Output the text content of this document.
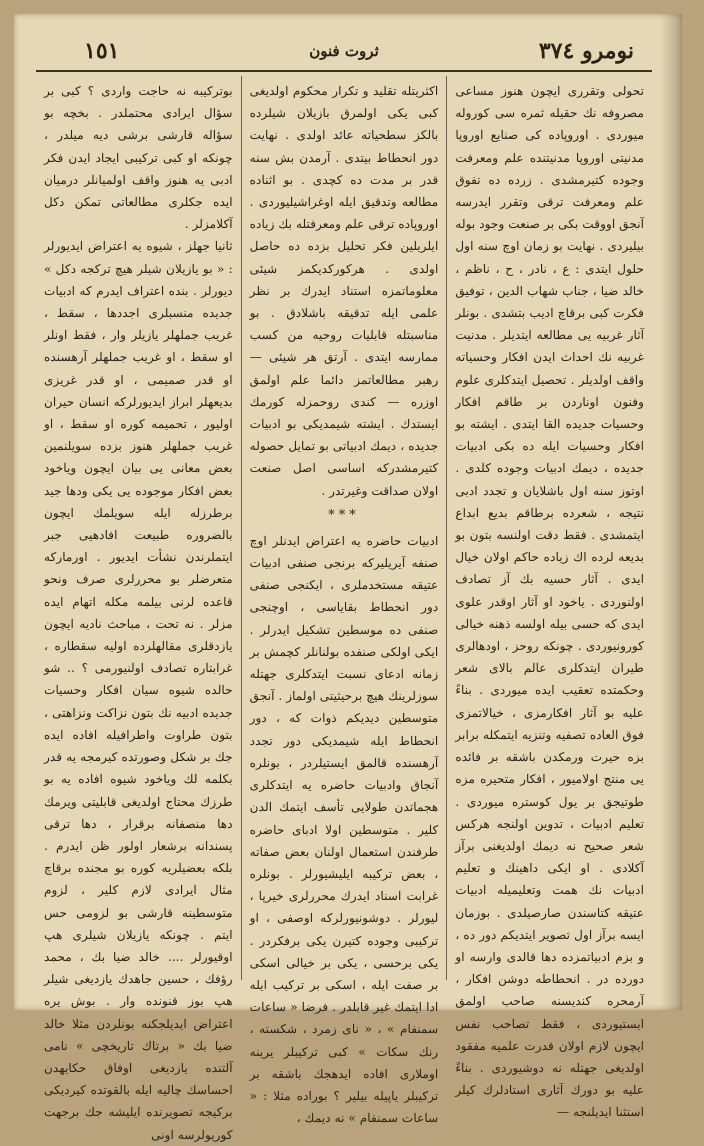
نومرو ۳۷٤
ثروت فنون
١٥١

تحولی وتقرری ایچون هنوز مساعی مصروفه نك حقیله ثمره سی کوروله میوردی . اوروپاده کی صنایع اوروپا مدنیتی اوروپا مدنیتنده علم ومعرفت وجوده کتیرمشدی . زرده ده تفوق علم ومعرفت ترقی وتقرر ایدرسه آنجق اووقت بکی بر صنعت وجود بوله بیلیردی . نهایت بو زمان اوچ سنه اول حلول ایتدی : ع ، نادر ، ح ، ناظم ، خالد ضیا ، جناب شهاب الدین ، توفیق فکرت کبی برقاچ ادیب بتشدی . بونلر آثار غربیه یی مطالعه ایتدیلر . مدنیت غربیه نك احداث ایدن افکار وحسیاته واقف اولدیلر . تحصیل ایتدکلری علوم وفنون اوناردن بر طاقم افکار وحسیات جدیده القا ایتدی . ایشته بو افکار وحسیات ایله ده بکی ادبیات جدیده ، دیمك ادبیات وجوده کلدی . اوتوز سنه اول باشلایان و تجدد ادبی نتیجه ، شعرده برطاقم بدیع ابداع ایتمشدی . فقط دقت اولنسه بتون بو بدیعه لرده اك زیاده حاکم اولان خیال ایدی . آثار حسیه بك آز تصادف اولنوردی . یاخود او آثار اوقدر علوی ایدی که حسی بیله اولسه ذهنه خیالی کورونیوردی . چونکه روحز ، اودهالری طیران ایتدکلری عالم بالای شعر وحکمتده تعقیب ایده میوردی . بناءً علیه بو آثار افکارمزی ، خیالاتمزی فوق العاده تصفیه وتنزیه ایتمکله برابر بزه حیرت ورمکدن باشقه بر فائده یی منتج اولامیور ، افکار متحیره مزه طوتیجق بر یول کوستره میوردی . تعلیم ادبیات ، تدوین اولنجه هرکس شعر صحیح نه دیمك اولدیغنی برآز آکلادی . او ایکی داهینك و تعلیم ادبیات نك همت وتعلیمیله ادبیات عتیقه کتاسندن صارصیلدی . بوزمان ایسه برآز اول تصویر ایتدیکم دور ده ، و بزم ادبیاتمزده دها قالدی وارسه او دورده در . انحطاطه دوشن افکار ، آرمحره کندیسنه صاحب اولمق ایستیوردی ، فقط تصاحب نفس ایچون لازم اولان قدرت علمیه مفقود اولدیغی جهتله نه دوشیوردی . بناءً علیه بو دورك آثاری استادلرك کیلر استثنا ایدیلنجه —

اکثریتله تقلید و تکرار محکوم اولدیغی کبی یکی اولمرق بازیلان شیلرده بالکز سطحیاته عائد اولدی . نهایت دور انحطاط بیتدی . آرمدن بش سنه قدر بر مدت ده کچدی . بو اثناده مطالعه وتدقیق ایله اوغراشیلیوردی . اوروپاده ترقی علم ومعرفتله بك زیاده ایلریلین فکر تحلیل بزده ده حاصل اولدی . هرکورکدیکمز شیئی معلوماتمزه استناد ایدرك بر نظر علمی ایله تدقیقه باشلادق . بو مناسبتله قابلیات روحیه من کسب ممارسه ایتدی . آرتق هر شیئی — رهبر مطالعاتمز دائما علم اولمق اوزره — کندی روحمزله کورمك ایستدك . ایشته شیمدیکی بو ادبیات جدیده ، دیمك ادبیاتی بو تمایل حصوله کتیرمشدرکه اساسی اصل صنعت اولان صداقت وغیرتدر .

***

ادبیات حاضره یه اعتراض ایدنلر اوچ صنفه آیریلیرکه برنجی صنفی ادبیات عتیقه مستخدملری ، ایکنجی صنفی دور انحطاط بقایاسی ، اوچنجی صنفی ده موسطین تشکیل ایدرلر . ایکی اولکی صنفده بولنانلر کچمش بر زمانه ادعای نسبت ایتدکلری جهتله سوزلرینك هیچ برحیثیتی اولماز . آنجق متوسطین دیدیکم ذوات که ، دور انحطاط ایله شیمدیکی دور تجدد آرهسنده قالمق ایستیلردر ، بونلره آنجاق وادبیات حاضره یه ایتدکلری هجماتدن طولایی تأسف ایتمك الدن کلیر . متوسطین اولا ادبای حاضره طرفندن استعمال اولنان بعض صفاته ، بعض ترکیبه ایلیشیورلر . بونلره غرابت اسناد ایدرك محررلری خیرپا ، لیورلر . دوشونیورلرکه اوصفی ، او ترکیبی وجوده کتیرن یکی برفکردر . یکی برحسی ، یکی بر خیالی اسکی بر صفت ایله ، اسکی بر ترکیب ایله ادا ایتمك غیر قابلدر . فرضا « ساعات سمنفام » ، « نای زمرد ، شکسته ، رنك سکات » کبی ترکیبلر یرینه اوملاری افاده ایدهجك باشقه بر ترکیبلر یاپیله بیلیر ؟ بوراده مثلا : « ساعات سمنفام » نه دیمك ،

بوترکیبه نه حاجت واردی ؟ کبی بر سؤال ایرادی محتملدر . بخچه بو سؤاله قارشی برشی دیه میلدر ، چونکه او کبی ترکیبی ایجاد ایدن فکر ادبی یه هنوز واقف اولمیانلر درمیان ایده جکلری مطالعاتی تمکن دکل آکلامزلر .

ثانیا جهلز ، شیوه یه اعتراض ایدیورلر : « بو یازیلان شیلر هیچ ترکجه دکل » دیورلر . بنده اعتراف ایدرم که ادبیات جدیده منسبلری اجددها ، سقط ، غریب جملهلر یازیلر وار ، فقط اونلر او سقط ، او غریب جملهلر آرهسنده او قدر صمیمی ، او قدر غریزی بدیعهلر ابراز ایدیورلرکه انسان حیران اولیور ، تحمیمه کوره او سقط ، او غریب جملهلر هنوز بزده سویلنمین بعض معانی یی بیان ایچون وياخود بعض افکار موجوده یی یکی ودها جید برطرزله ایله سویلمك ایچون بالضروره طبیعت افادهیی جبر ایتملرندن نشأت ایدیور . اورمارکه متعرضلر بو محررلری صرف ونحو قاعده لرنی بیلمه مکله اتهام ایده مزلر . نه تحت ، مباحث نادیه ایچون یازدقلری مقالهلرده اولیه سقطاره ، غرابتاره تصادف اولنیورمی ؟ .. شو حالده شیوه سیان افکار وحسیات جدیده ادبیه نك بتون نزاکت ونزاهتی ، بتون طراوت واطرافیله افاده ایده جك بر شکل وصورتده کیرمجه یه قدر بکلمه لك وياخود شیوه افاده یه بو طرزك محتاج اولدیغی قابلیتی ویرمك دها منصفانه برقرار ، دها ترقی پسندانه برشعار اولور ظن ایدرم . بلکه بعضیلریه کوره بو مجنده برقاچ مثال ایرادی لازم کلیر ، لزوم متوسطینه قارشی بو لزومی حس ایتم . چونکه یازیلان شیلری هپ اوقیورلر .... خالد ضیا بك ، محمد رؤفك ، حسین جاهدك یازدیغی شیلر هپ بوز قنونده وار . بوش یره اعتراض ایدیلجکنه بونلردن مثلا خالد ضیا بك « برتاك تاریخچی » نامی آلتنده یازدیغی اوفاق حکایهدن احساسك چالیه ایله بالقوتده کیردیکی برکیجه تصویرنده ایلیشه جك برجهت کوریولرسه اونی
